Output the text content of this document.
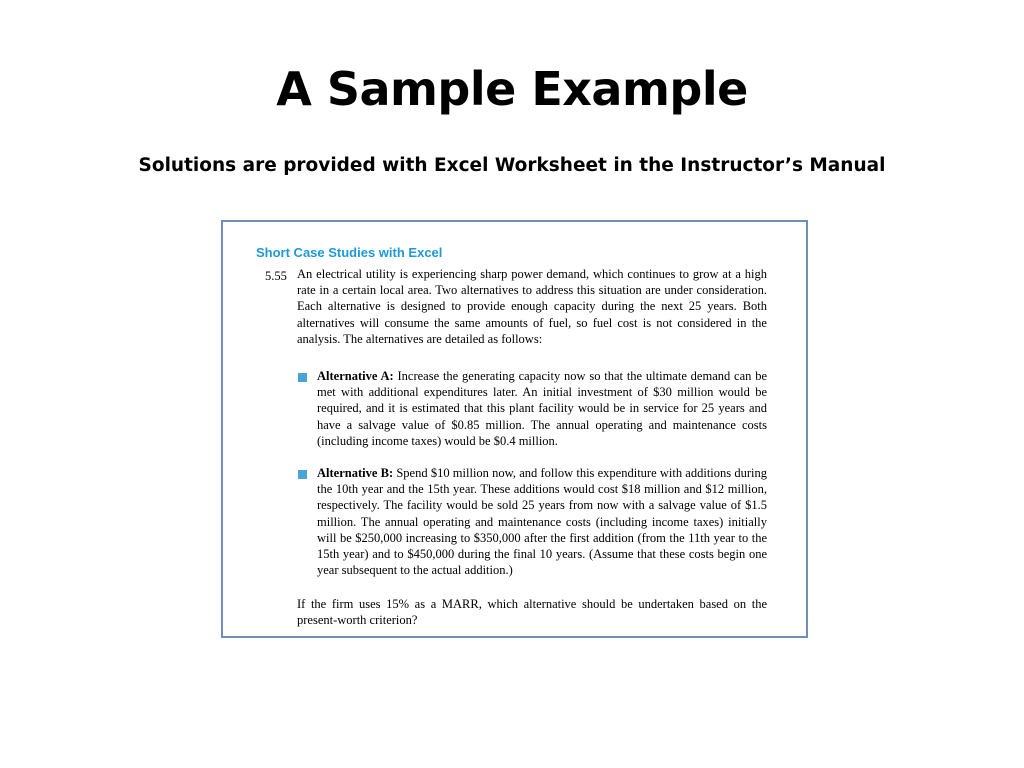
A Sample Example
Solutions are provided with Excel Worksheet in the Instructor’s Manual
Short Case Studies with Excel
5.55 An electrical utility is experiencing sharp power demand, which continues to grow at a high rate in a certain local area. Two alternatives to address this situation are under consideration. Each alternative is designed to provide enough capacity during the next 25 years. Both alternatives will consume the same amounts of fuel, so fuel cost is not considered in the analysis. The alternatives are detailed as follows:

Alternative A: Increase the generating capacity now so that the ultimate demand can be met with additional expenditures later. An initial investment of $30 million would be required, and it is estimated that this plant facility would be in service for 25 years and have a salvage value of $0.85 million. The annual operating and maintenance costs (including income taxes) would be $0.4 million.

Alternative B: Spend $10 million now, and follow this expenditure with additions during the 10th year and the 15th year. These additions would cost $18 million and $12 million, respectively. The facility would be sold 25 years from now with a salvage value of $1.5 million. The annual operating and maintenance costs (including income taxes) initially will be $250,000 increasing to $350,000 after the first addition (from the 11th year to the 15th year) and to $450,000 during the final 10 years. (Assume that these costs begin one year subsequent to the actual addition.)

If the firm uses 15% as a MARR, which alternative should be undertaken based on the present-worth criterion?
